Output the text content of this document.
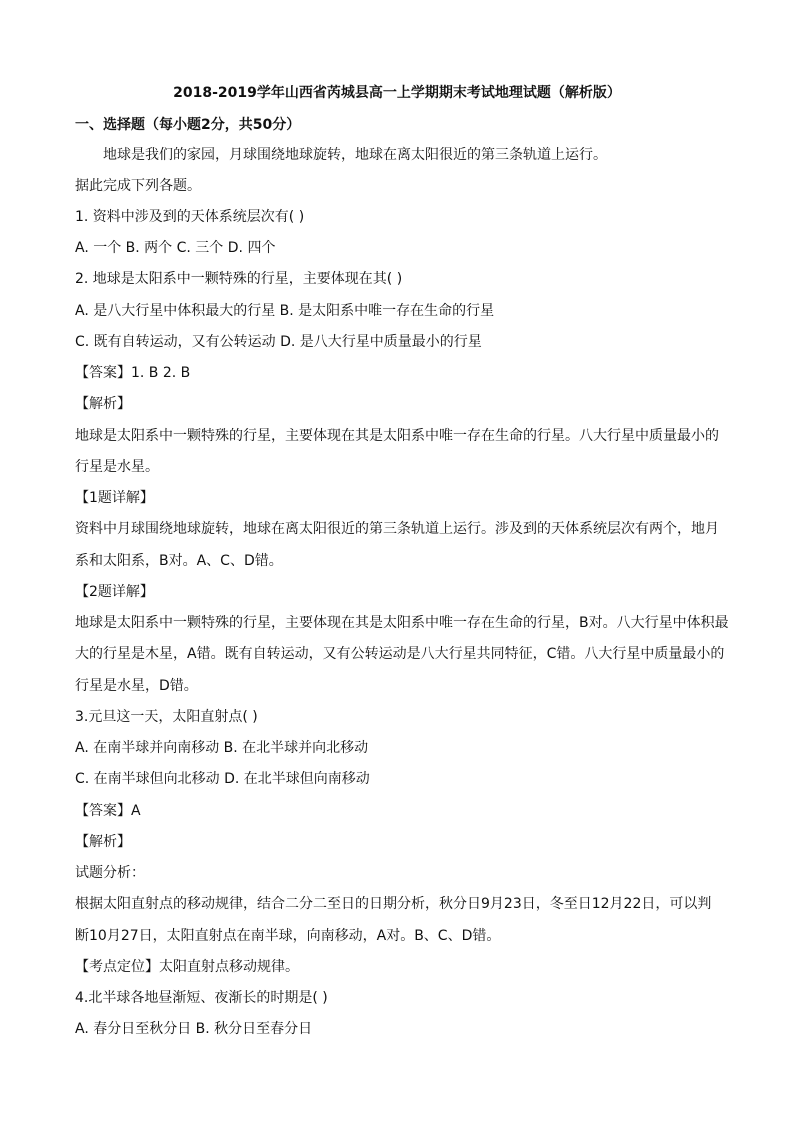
2018-2019学年山西省芮城县高一上学期期末考试地理试题（解析版）
一、选择题（每小题2分，共50分）
地球是我们的家园，月球围绕地球旋转，地球在离太阳很近的第三条轨道上运行。
据此完成下列各题。
1. 资料中涉及到的天体系统层次有( )
A. 一个 B. 两个 C. 三个 D. 四个
2. 地球是太阳系中一颗特殊的行星，主要体现在其( )
A. 是八大行星中体积最大的行星 B. 是太阳系中唯一存在生命的行星
C. 既有自转运动，又有公转运动 D. 是八大行星中质量最小的行星
【答案】1. B 2. B
【解析】
地球是太阳系中一颗特殊的行星，主要体现在其是太阳系中唯一存在生命的行星。八大行星中质量最小的
行星是水星。
【1题详解】
资料中月球围绕地球旋转，地球在离太阳很近的第三条轨道上运行。涉及到的天体系统层次有两个，地月
系和太阳系，B对。A、C、D错。
【2题详解】
地球是太阳系中一颗特殊的行星，主要体现在其是太阳系中唯一存在生命的行星，B对。八大行星中体积最
大的行星是木星，A错。既有自转运动，又有公转运动是八大行星共同特征，C错。八大行星中质量最小的
行星是水星，D错。
3.元旦这一天，太阳直射点( )
A. 在南半球并向南移动 B. 在北半球并向北移动
C. 在南半球但向北移动 D. 在北半球但向南移动
【答案】A
【解析】
试题分析：
根据太阳直射点的移动规律，结合二分二至日的日期分析，秋分日9月23日，冬至日12月22日，可以判
断10月27日，太阳直射点在南半球，向南移动，A对。B、C、D错。
【考点定位】太阳直射点移动规律。
4.北半球各地昼渐短、夜渐长的时期是( )
A. 春分日至秋分日 B. 秋分日至春分日
